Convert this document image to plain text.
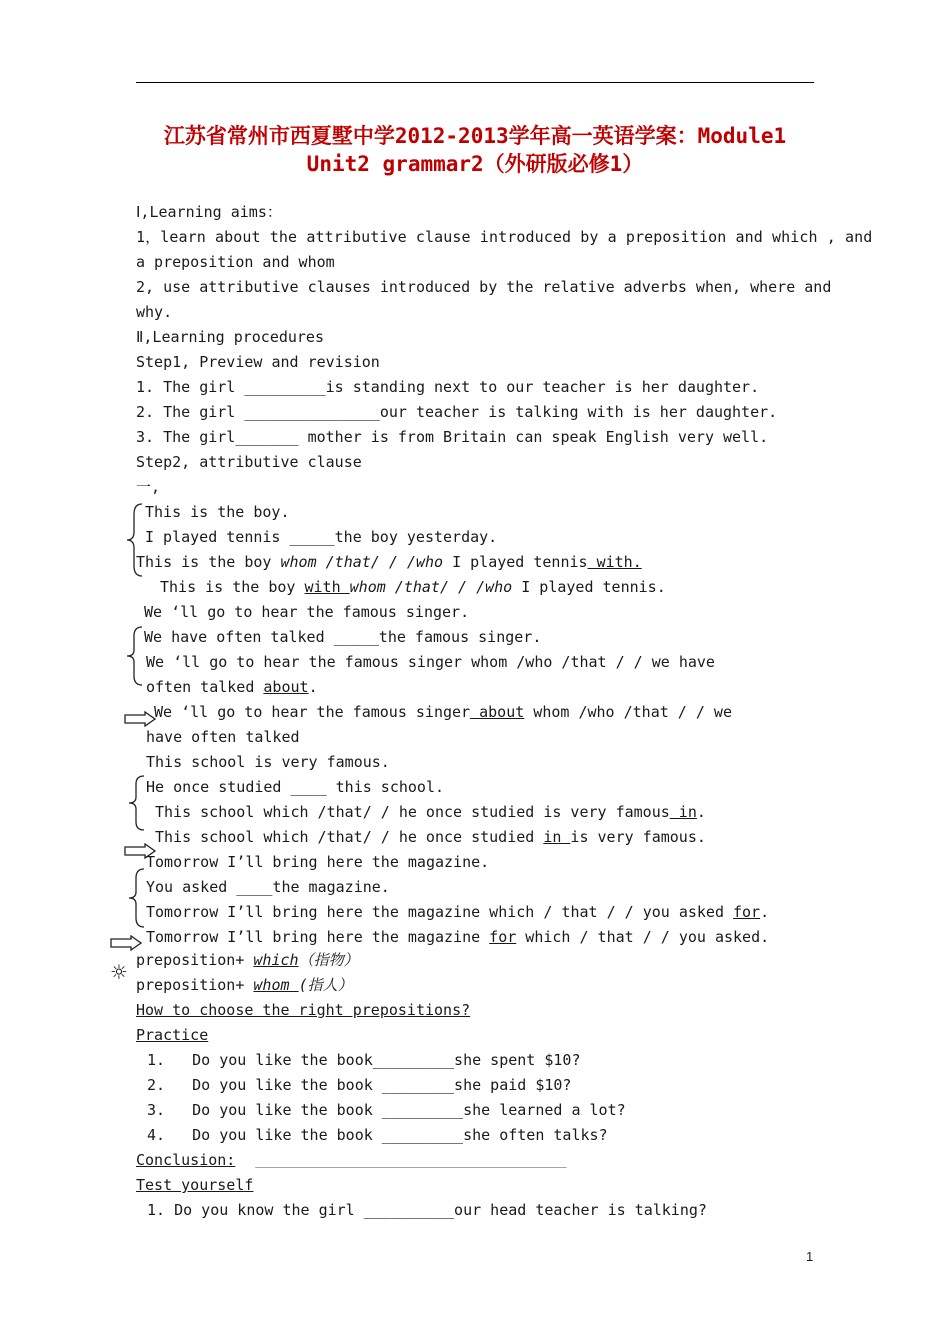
江苏省常州市西夏墅中学2012-2013学年高一英语学案：Module1
Unit2 grammar2（外研版必修1）
Ⅰ,Learning aims：
1，learn about the attributive clause introduced by a preposition and which , and
a preposition and whom
2, use attributive clauses introduced by the relative adverbs when, where and
why.
Ⅱ,Learning procedures
Step1, Preview and revision
1. The girl _________is standing next to our teacher is her daughter.
2. The girl _______________our teacher is talking with is her daughter.
3. The girl_______ mother is from Britain can speak English very well.
Step2, attributive clause
一,
This is the boy.
I played tennis _____the boy yesterday.
This is the boy whom /that/ / /who I played tennis with.
This is the boy with whom /that/ / /who I played tennis.
We ‘ll go to hear the famous singer.
We have often talked _____the famous singer.
We ‘ll go to hear the famous singer whom /who /that / / we have
often talked about.
We ‘ll go to hear the famous singer about whom /who /that / / we
have often talked
This school is very famous.
He once studied ____ this school.
This school which /that/ / he once studied is very famous in.
This school which /that/ / he once studied in is very famous.
Tomorrow I’ll bring here the magazine.
You asked ____the magazine.
Tomorrow I’ll bring here the magazine which / that / / you asked for.
Tomorrow I’ll bring here the magazine for which / that / / you asked.
☼ preposition+ which（指物）
preposition+ whom (指人）
How to choose the right prepositions?
Practice
1.   Do you like the book_________she spent $10?
2.   Do you like the book ________she paid $10?
3.   Do you like the book _________she learned a lot?
4.   Do you like the book _________she often talks?
Conclusion:   _______________________________________________
Test yourself
1. Do you know the girl __________our head teacher is talking?
1
